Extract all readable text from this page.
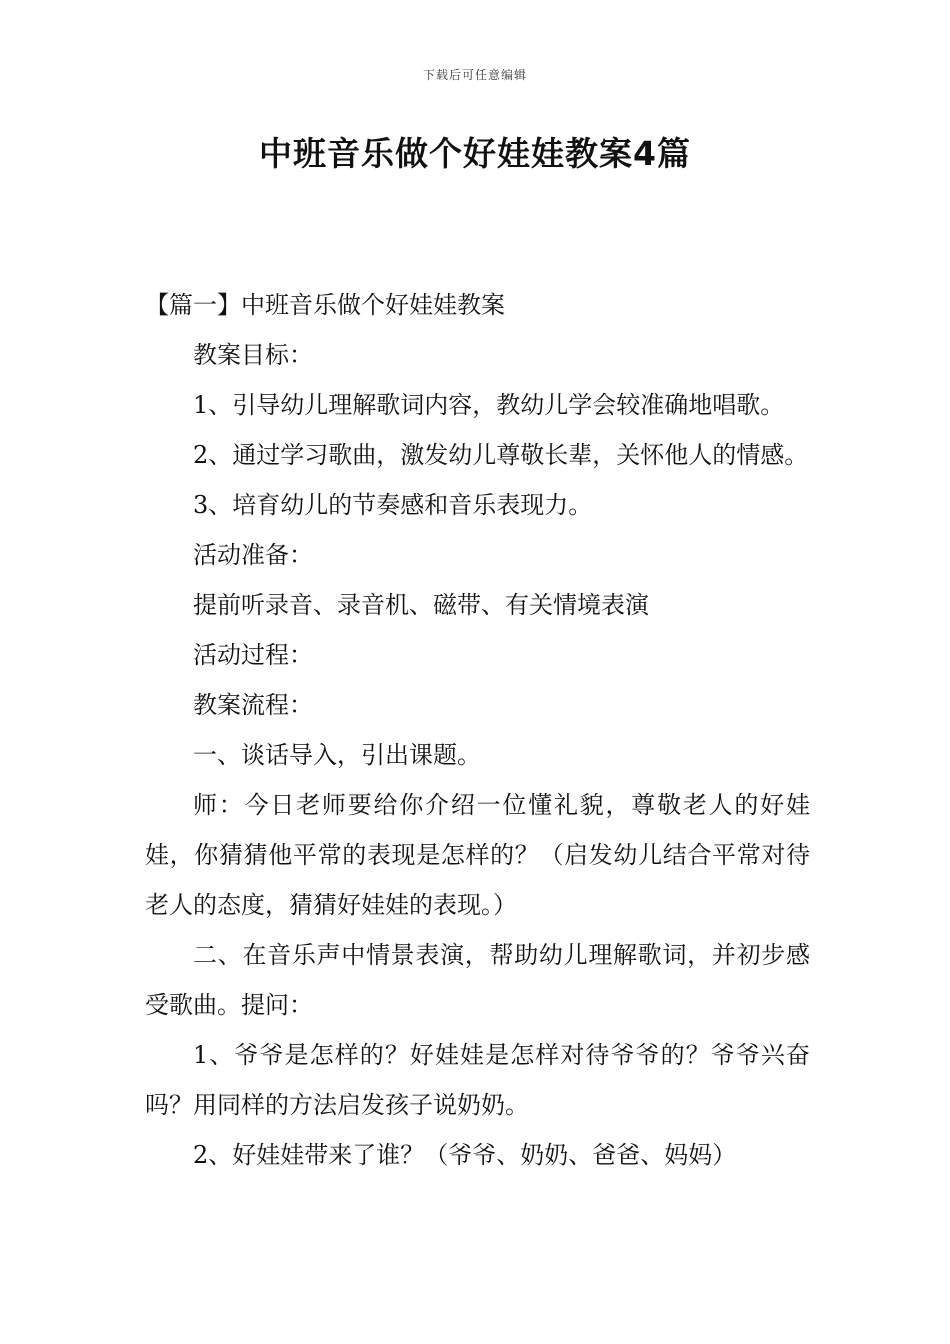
下载后可任意编辑
中班音乐做个好娃娃教案4篇

【篇一】中班音乐做个好娃娃教案

教案目标：

1、引导幼儿理解歌词内容，教幼儿学会较准确地唱歌。

2、通过学习歌曲，激发幼儿尊敬长辈，关怀他人的情感。

3、培育幼儿的节奏感和音乐表现力。

活动准备：

提前听录音、录音机、磁带、有关情境表演

活动过程：

教案流程：

一、谈话导入，引出课题。

师：今日老师要给你介绍一位懂礼貌，尊敬老人的好娃娃，你猜猜他平常的表现是怎样的？（启发幼儿结合平常对待老人的态度，猜猜好娃娃的表现。）

二、在音乐声中情景表演，帮助幼儿理解歌词，并初步感受歌曲。提问：

1、爷爷是怎样的？好娃娃是怎样对待爷爷的？爷爷兴奋吗？用同样的方法启发孩子说奶奶。

2、好娃娃带来了谁？（爷爷、奶奶、爸爸、妈妈）
